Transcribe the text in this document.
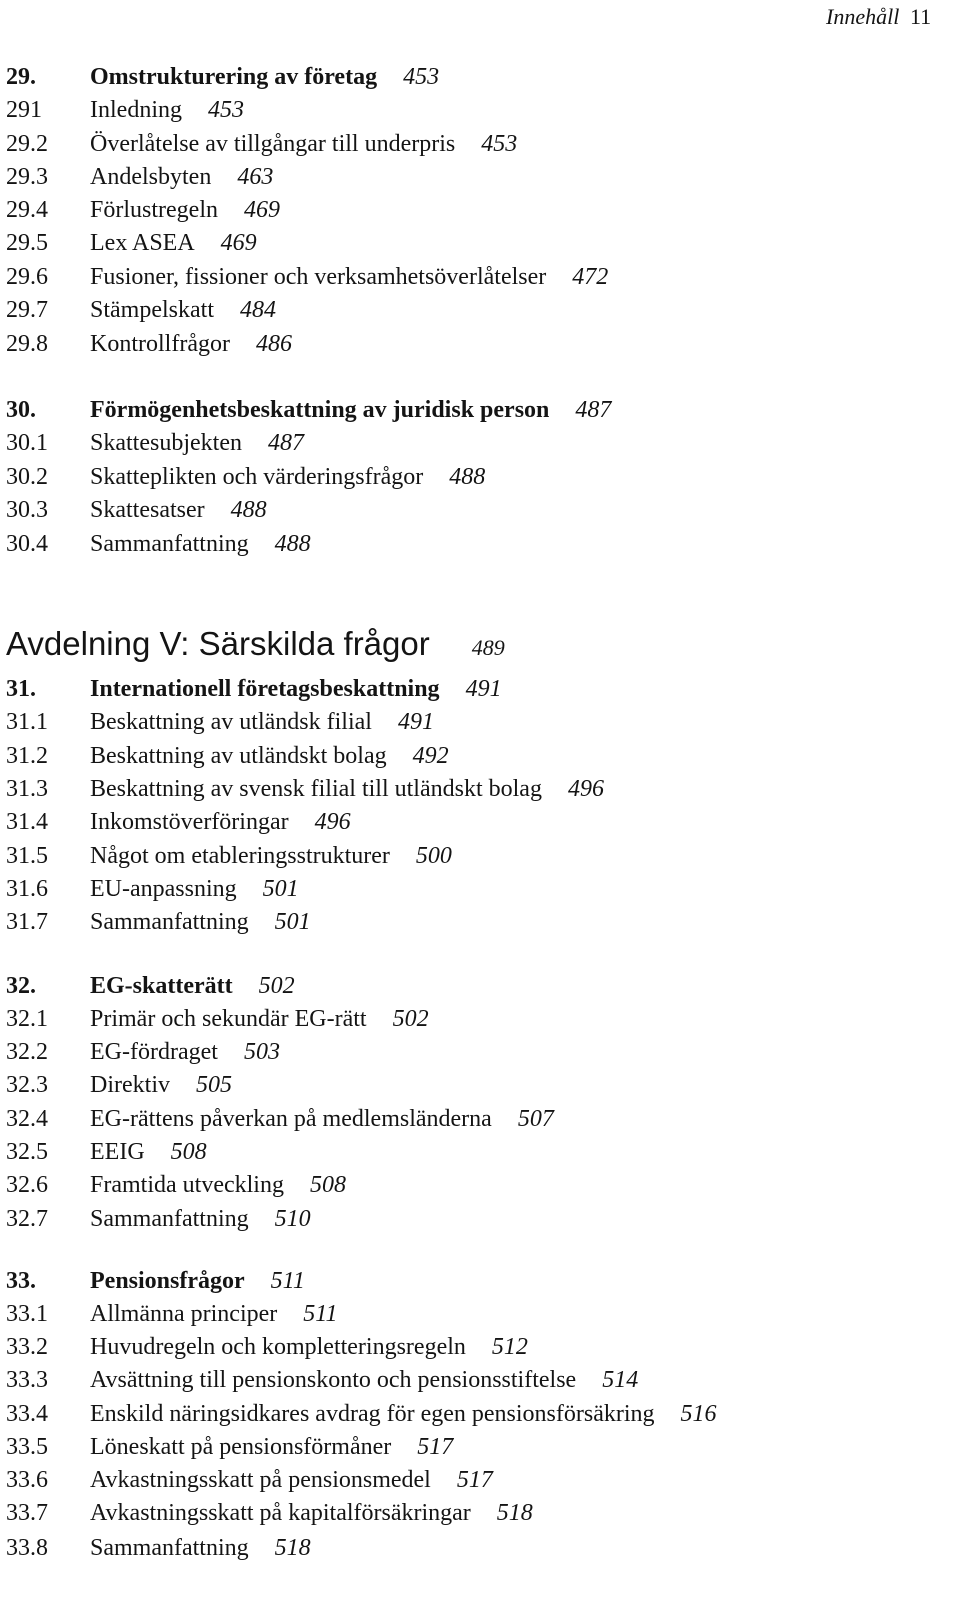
Innehåll 11
29. Omstrukturering av företag 453
291 Inledning 453
29.2 Överlåtelse av tillgångar till underpris 453
29.3 Andelsbyten 463
29.4 Förlustregeln 469
29.5 Lex ASEA 469
29.6 Fusioner, fissioner och verksamhetsöverlåtelser 472
29.7 Stämpelskatt 484
29.8 Kontrollfrågor 486
30. Förmögenhetsbeskattning av juridisk person 487
30.1 Skattesubjekten 487
30.2 Skatteplikten och värderingsfrågor 488
30.3 Skattesatser 488
30.4 Sammanfattning 488
31. Internationell företagsbeskattning 491
31.1 Beskattning av utländsk filial 491
31.2 Beskattning av utländskt bolag 492
31.3 Beskattning av svensk filial till utländskt bolag 496
31.4 Inkomstöverföringar 496
31.5 Något om etableringsstrukturer 500
31.6 EU-anpassning 501
31.7 Sammanfattning 501
32. EG-skatterätt 502
32.1 Primär och sekundär EG-rätt 502
32.2 EG-fördraget 503
32.3 Direktiv 505
32.4 EG-rättens påverkan på medlemsländerna 507
32.5 EEIG 508
32.6 Framtida utveckling 508
32.7 Sammanfattning 510
33. Pensionsfrågor 511
33.1 Allmänna principer 511
33.2 Huvudregeln och kompletteringsregeln 512
33.3 Avsättning till pensionskonto och pensionsstiftelse 514
33.4 Enskild näringsidkares avdrag för egen pensionsförsäkring 516
33.5 Löneskatt på pensionsförmåner 517
33.6 Avkastningsskatt på pensionsmedel 517
33.7 Avkastningsskatt på kapitalförsäkringar 518
33.8 Sammanfattning 518
Avdelning V: Särskilda frågor 489
